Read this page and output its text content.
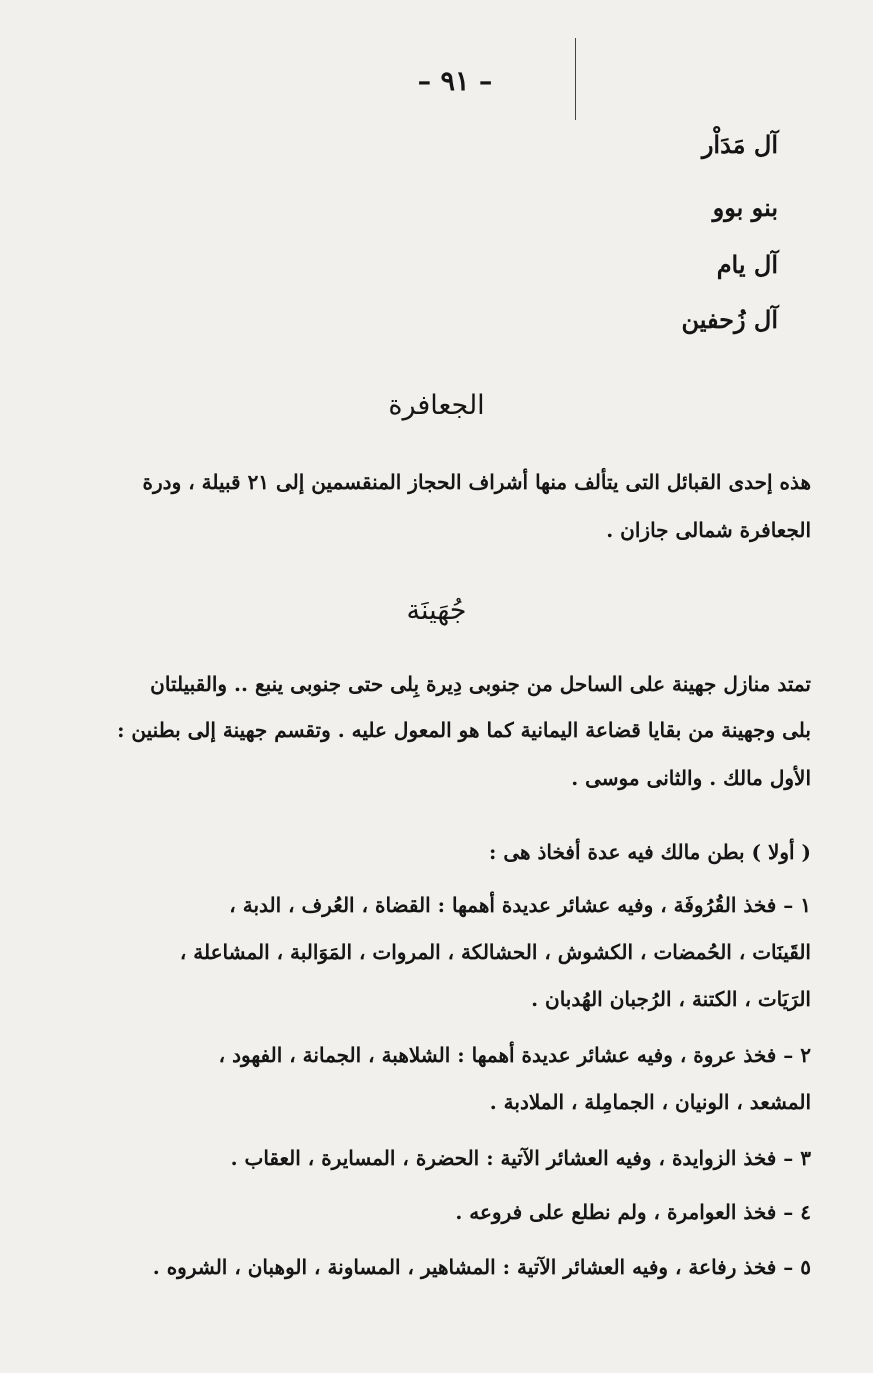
– ٩١ –
آل مَدَاْر
بنو بوو
آل يام
آل زُحفين
الجعافرة
هذه إحدى القبائل التى يتألف منها أشراف الحجاز المنقسمين إلى ٢١ قبيلة ، ودرة
الجعافرة شمالى جازان .
جُهَينَة
تمتد منازل جهينة على الساحل من جنوبى دِيرة بِلى حتى جنوبى ينبع .. والقبيلتان
بلى وجهينة من بقايا قضاعة اليمانية كما هو المعول عليه . وتقسم جهينة إلى بطنين :
الأول مالك . والثانى موسى .
( أولا ) بطن مالك فيه عدة أفخاذ هى :
١ – فخذ القُرُوفَة ، وفيه عشائر عديدة أهمها : القضاة ، العُرف ، الدبة ،
القَينَات ، الحُمضات ، الكشوش ، الحشالكة ، المروات ، المَوَالبة ، المشاعلة ،
الرَيَات ، الكتنة ، الرُجبان الهُدبان .
٢ – فخذ عروة ، وفيه عشائر عديدة أهمها : الشلاهبة ، الجمانة ، الفهود ،
المشعد ، الونيان ، الجمامِلة ، الملادبة .
٣ – فخذ الزوايدة ، وفيه العشائر الآتية : الحضرة ، المسايرة ، العقاب .
٤ – فخذ العوامرة ، ولم نطلع على فروعه .
٥ – فخذ رفاعة ، وفيه العشائر الآتية : المشاهير ، المساونة ، الوهبان ، الشروه .
